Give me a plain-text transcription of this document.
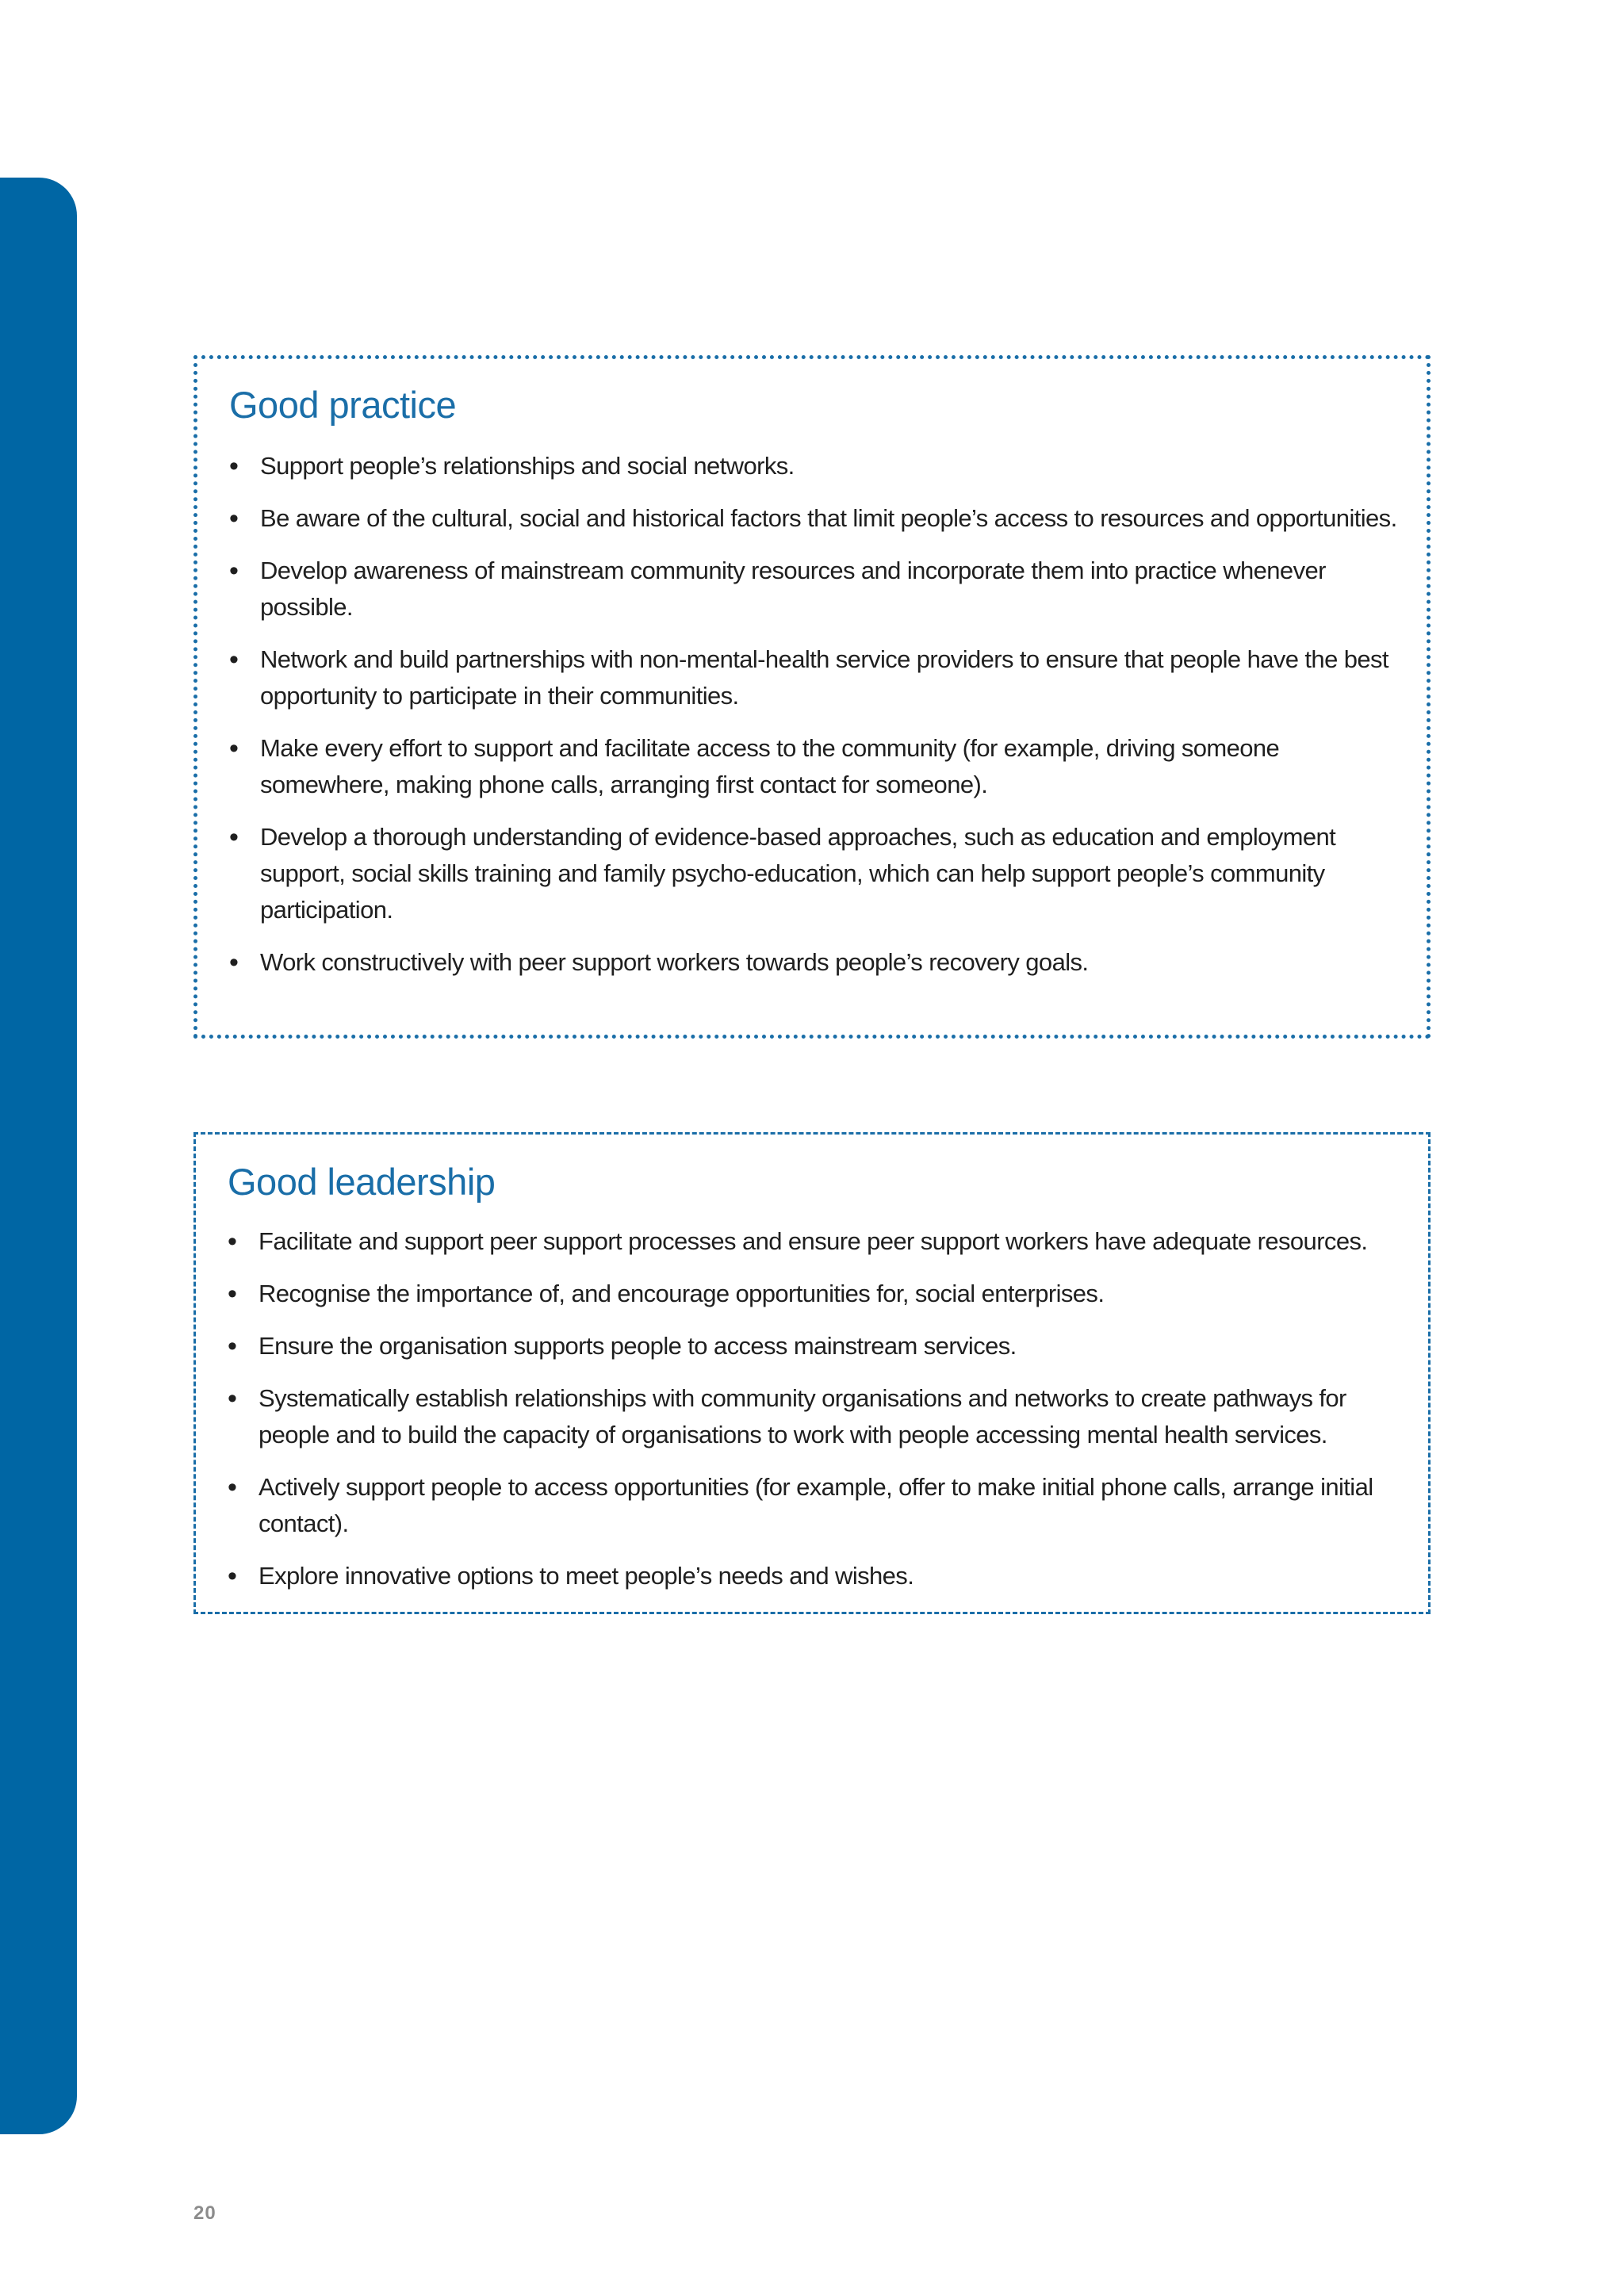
Good practice
• Support people’s relationships and social networks.
• Be aware of the cultural, social and historical factors that limit people’s access to resources and opportunities.
• Develop awareness of mainstream community resources and incorporate them into practice whenever possible.
• Network and build partnerships with non-mental-health service providers to ensure that people have the best opportunity to participate in their communities.
• Make every effort to support and facilitate access to the community (for example, driving someone somewhere, making phone calls, arranging first contact for someone).
• Develop a thorough understanding of evidence-based approaches, such as education and employment support, social skills training and family psycho-education, which can help support people’s community participation.
• Work constructively with peer support workers towards people’s recovery goals.
Good leadership
• Facilitate and support peer support processes and ensure peer support workers have adequate resources.
• Recognise the importance of, and encourage opportunities for, social enterprises.
• Ensure the organisation supports people to access mainstream services.
• Systematically establish relationships with community organisations and networks to create pathways for people and to build the capacity of organisations to work with people accessing mental health services.
• Actively support people to access opportunities (for example, offer to make initial phone calls, arrange initial contact).
• Explore innovative options to meet people’s needs and wishes.
20
